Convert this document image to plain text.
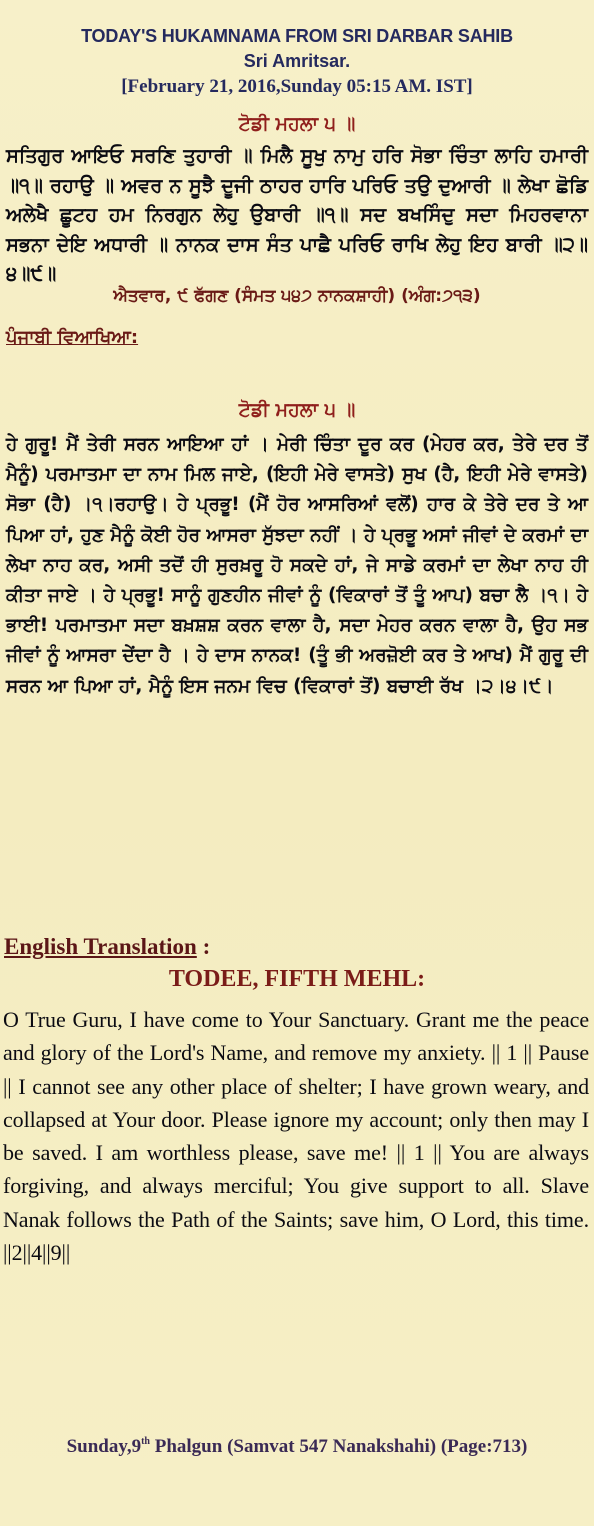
TODAY'S HUKAMNAMA FROM SRI DARBAR SAHIB
Sri Amritsar.
[February 21, 2016,Sunday 05:15 AM. IST]
ਟੋਡੀ ਮਹਲਾ ੫ ॥
ਸਤਿਗੁਰ ਆਇਓ ਸਰਣਿ ਤੁਹਾਰੀ ॥ ਮਿਲੈ ਸੂਖੁ ਨਾਮੁ ਹਰਿ ਸੋਭਾ ਚਿੰਤਾ ਲਾਹਿ ਹਮਾਰੀ ॥੧॥ ਰਹਾਉ ॥ ਅਵਰ ਨ ਸੂਝੈ ਦੂਜੀ ਠਾਹਰ ਹਾਰਿ ਪਰਿਓ ਤਉ ਦੁਆਰੀ ॥ ਲੇਖਾ ਛੋਡਿ ਅਲੇਖੈ ਛੂਟਹ ਹਮ ਨਿਰਗੁਨ ਲੇਹੁ ਉਬਾਰੀ ॥੧॥ ਸਦ ਬਖਸਿੰਦੁ ਸਦਾ ਮਿਹਰਵਾਨਾ ਸਭਨਾ ਦੇਇ ਅਧਾਰੀ ॥ ਨਾਨਕ ਦਾਸ ਸੰਤ ਪਾਛੈ ਪਰਿਓ ਰਾਖਿ ਲੇਹੁ ਇਹ ਬਾਰੀ ॥੨॥੪॥੯॥
ਐਤਵਾਰ, ੯ ਫੱਗਣ (ਸੰਮਤ ੫੪੭ ਨਾਨਕਸ਼ਾਹੀ) (ਅੰਗ:੭੧੩)
ਪੰਜਾਬੀ ਵਿਆਖਿਆ:
ਟੋਡੀ ਮਹਲਾ ੫ ॥
ਹੇ ਗੁਰੂ! ਮੈਂ ਤੇਰੀ ਸਰਨ ਆਇਆ ਹਾਂ । ਮੇਰੀ ਚਿੰਤਾ ਦੂਰ ਕਰ (ਮੇਹਰ ਕਰ, ਤੇਰੇ ਦਰ ਤੋਂ ਮੈਨੂੰ) ਪਰਮਾਤਮਾ ਦਾ ਨਾਮ ਮਿਲ ਜਾਏ, (ਇਹੀ ਮੇਰੇ ਵਾਸਤੇ) ਸੁਖ (ਹੈ, ਇਹੀ ਮੇਰੇ ਵਾਸਤੇ) ਸੋਭਾ (ਹੈ) ।੧।ਰਹਾਉ। ਹੇ ਪ੍ਰਭੂ! (ਮੈਂ ਹੋਰ ਆਸਰਿਆਂ ਵਲੋਂ) ਹਾਰ ਕੇ ਤੇਰੇ ਦਰ ਤੇ ਆ ਪਿਆ ਹਾਂ, ਹੁਣ ਮੈਨੂੰ ਕੋਈ ਹੋਰ ਆਸਰਾ ਸੁੱਝਦਾ ਨਹੀਂ । ਹੇ ਪ੍ਰਭੂ ਅਸਾਂ ਜੀਵਾਂ ਦੇ ਕਰਮਾਂ ਦਾ ਲੇਖਾ ਨਾਹ ਕਰ, ਅਸੀ ਤਦੋਂ ਹੀ ਸੁਰਖ਼ਰੂ ਹੋ ਸਕਦੇ ਹਾਂ, ਜੇ ਸਾਡੇ ਕਰਮਾਂ ਦਾ ਲੇਖਾ ਨਾਹ ਹੀ ਕੀਤਾ ਜਾਏ । ਹੇ ਪ੍ਰਭੂ! ਸਾਨੂੰ ਗੁਣਹੀਨ ਜੀਵਾਂ ਨੂੰ (ਵਿਕਾਰਾਂ ਤੋਂ ਤੂੰ ਆਪ) ਬਚਾ ਲੈ ।੧। ਹੇ ਭਾਈ! ਪਰਮਾਤਮਾ ਸਦਾ ਬਖ਼ਸ਼ਸ਼ ਕਰਨ ਵਾਲਾ ਹੈ, ਸਦਾ ਮੇਹਰ ਕਰਨ ਵਾਲਾ ਹੈ, ਉਹ ਸਭ ਜੀਵਾਂ ਨੂੰ ਆਸਰਾ ਦੇਂਦਾ ਹੈ । ਹੇ ਦਾਸ ਨਾਨਕ! (ਤੂੰ ਭੀ ਅਰਜ਼ੋਈ ਕਰ ਤੇ ਆਖ) ਮੈਂ ਗੁਰੂ ਦੀ ਸਰਨ ਆ ਪਿਆ ਹਾਂ, ਮੈਨੂੰ ਇਸ ਜਨਮ ਵਿਚ (ਵਿਕਾਰਾਂ ਤੋਂ) ਬਚਾਈ ਰੱਖ ।੨।੪।੯।
English Translation :
TODEE, FIFTH MEHL:
O True Guru, I have come to Your Sanctuary. Grant me the peace and glory of the Lord's Name, and remove my anxiety. || 1 || Pause || I cannot see any other place of shelter; I have grown weary, and collapsed at Your door. Please ignore my account; only then may I be saved. I am worthless please, save me! || 1 || You are always forgiving, and always merciful; You give support to all. Slave Nanak follows the Path of the Saints; save him, O Lord, this time. ||2||4||9||
Sunday,9th Phalgun (Samvat 547 Nanakshahi) (Page:713)
